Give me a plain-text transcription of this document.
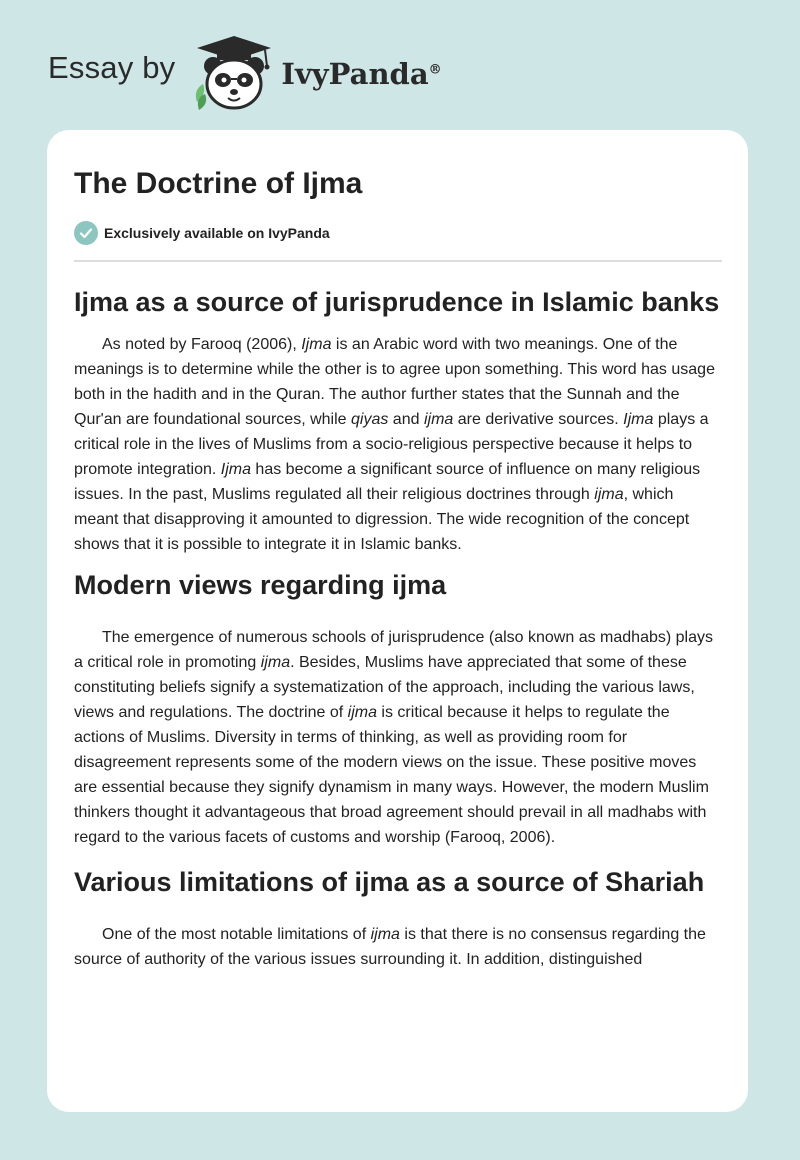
Essay by	IvyPanda®
The Doctrine of Ijma
Exclusively available on IvyPanda
Ijma as a source of jurisprudence in Islamic banks

As noted by Farooq (2006), Ijma is an Arabic word with two meanings. One of the meanings is to determine while the other is to agree upon something. This word has usage both in the hadith and in the Quran. The author further states that the Sunnah and the Qur'an are foundational sources, while qiyas and ijma are derivative sources. Ijma plays a critical role in the lives of Muslims from a socio-religious perspective because it helps to promote integration. Ijma has become a significant source of influence on many religious issues. In the past, Muslims regulated all their religious doctrines through ijma, which meant that disapproving it amounted to digression. The wide recognition of the concept shows that it is possible to integrate it in Islamic banks.

Modern views regarding ijma

The emergence of numerous schools of jurisprudence (also known as madhabs) plays a critical role in promoting ijma. Besides, Muslims have appreciated that some of these constituting beliefs signify a systematization of the approach, including the various laws, views and regulations. The doctrine of ijma is critical because it helps to regulate the actions of Muslims. Diversity in terms of thinking, as well as providing room for disagreement represents some of the modern views on the issue. These positive moves are essential because they signify dynamism in many ways. However, the modern Muslim thinkers thought it advantageous that broad agreement should prevail in all madhabs with regard to the various facets of customs and worship (Farooq, 2006).

Various limitations of ijma as a source of Shariah

One of the most notable limitations of ijma is that there is no consensus regarding the source of authority of the various issues surrounding it. In addition, distinguished
